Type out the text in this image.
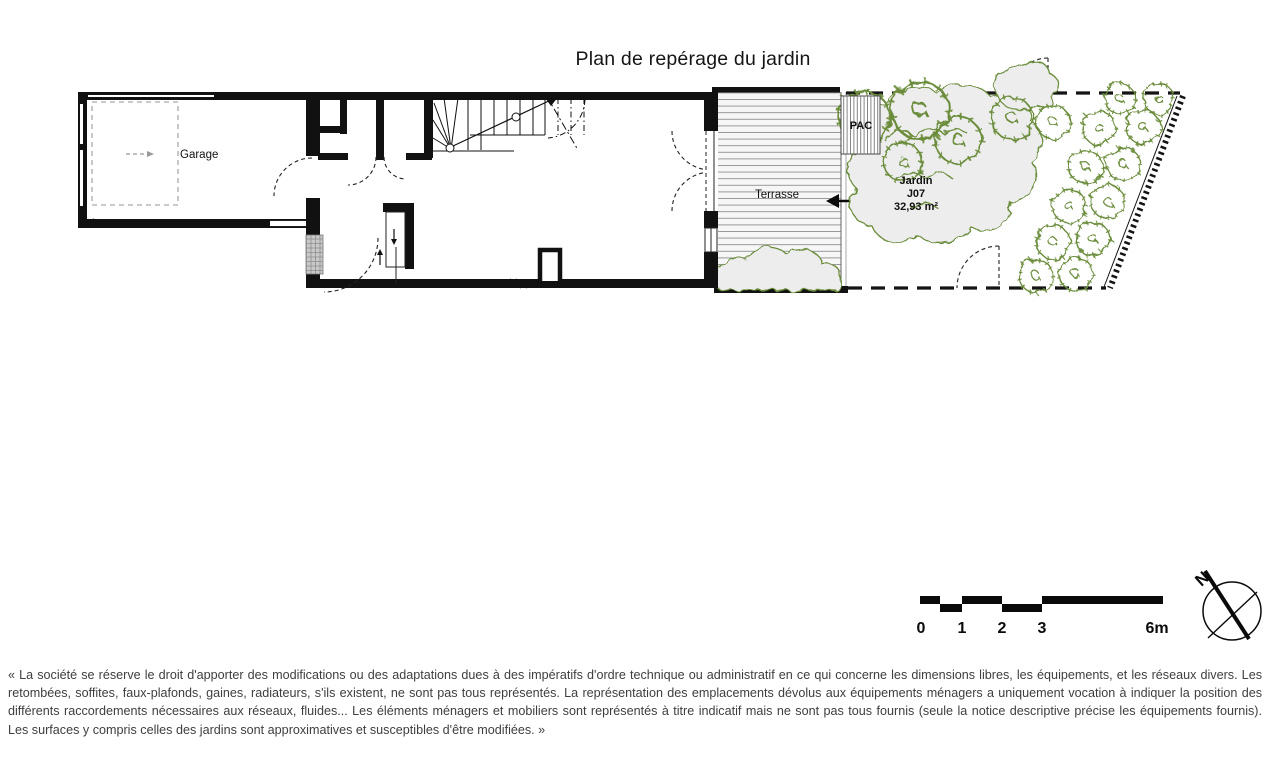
Plan de repérage du jardin
PAC
Garage
Terrasse
Jardin
J07
32,93 m²
0 1 2 3	6m
N
« La société se réserve le droit d'apporter des modifications ou des adaptations dues à des impératifs d'ordre technique ou administratif en ce qui concerne les dimensions libres, les équipements, et les réseaux divers. Les
retombées, soffites, faux-plafonds, gaines, radiateurs, s'ils existent, ne sont pas tous représentés. La représentation des emplacements dévolus aux équipements ménagers a uniquement vocation à indiquer la position des
différents raccordements nécessaires aux réseaux, fluides... Les éléments ménagers et mobiliers sont représentés à titre indicatif mais ne sont pas tous fournis (seule la notice descriptive précise les équipements fournis).
Les surfaces y compris celles des jardins sont approximatives et susceptibles d'être modifiées. »
